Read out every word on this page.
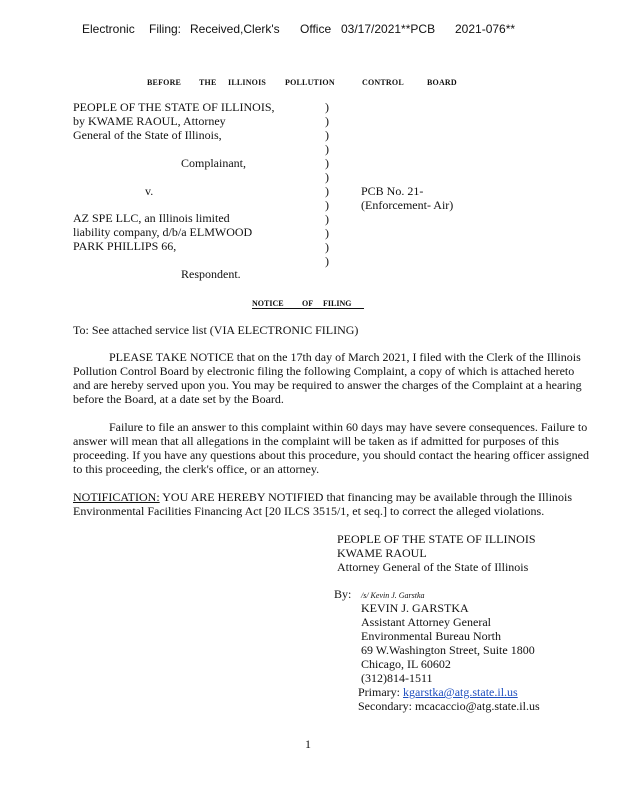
Electronic Filing: Received,Clerk's Office 03/17/2021**PCB 2021-076**
BEFORE THE ILLINOIS POLLUTION	CONTROL	BOARD
PEOPLE OF THE STATE OF ILLINOIS,
by KWAME RAOUL, Attorney
General of the State of Illinois,
Complainant,
v.
AZ SPE LLC, an Illinois limited
liability company, d/b/a ELMWOOD
PARK PHILLIPS 66,
Respondent.
)
)
)
)
)
)
)
)
)
)
)
)
PCB No. 21-
(Enforcement- Air)
NOTICE OF FILING
To: See attached service list (VIA ELECTRONIC FILING)
PLEASE TAKE NOTICE that on the 17th day of March 2021, I filed with the Clerk of the Illinois Pollution Control Board by electronic filing the following Complaint, a copy of which is attached hereto and are hereby served upon you. You may be required to answer the charges of the Complaint at a hearing before the Board, at a date set by the Board.
Failure to file an answer to this complaint within 60 days may have severe consequences. Failure to answer will mean that all allegations in the complaint will be taken as if admitted for purposes of this proceeding. If you have any questions about this procedure, you should contact the hearing officer assigned to this proceeding, the clerk's office, or an attorney.
NOTIFICATION: YOU ARE HEREBY NOTIFIED that financing may be available through the Illinois Environmental Facilities Financing Act [20 ILCS 3515/1, et seq.] to correct the alleged violations.
PEOPLE OF THE STATE OF ILLINOIS
KWAME RAOUL
Attorney General of the State of Illinois
By: /s/ Kevin J. Garstka
KEVIN J. GARSTKA
Assistant Attorney General
Environmental Bureau North
69 W.Washington Street, Suite 1800
Chicago, IL 60602
(312)814-1511
Primary: kgarstka@atg.state.il.us
Secondary: mcacaccio@atg.state.il.us
1
